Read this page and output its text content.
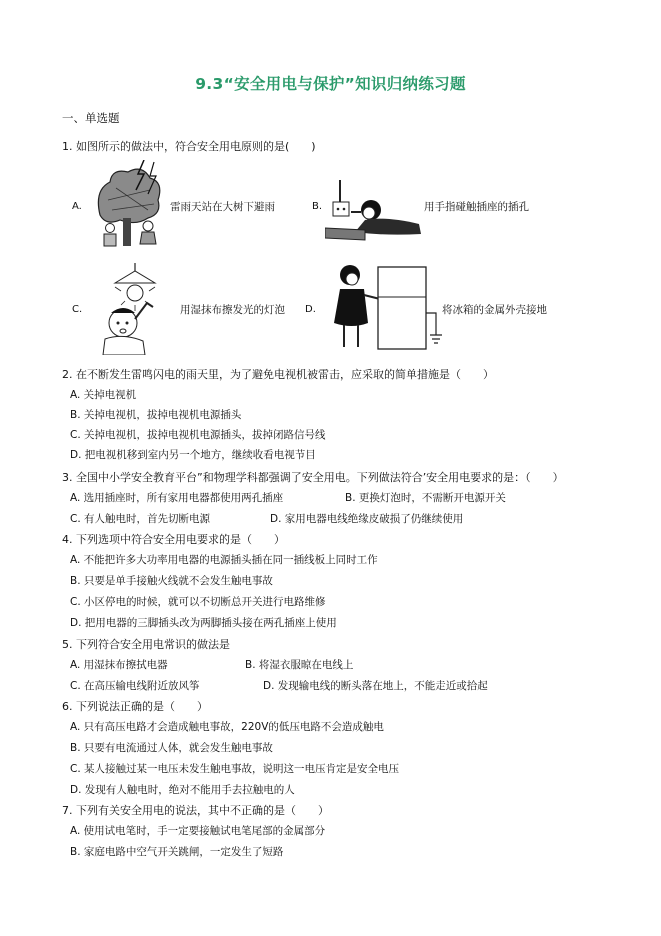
9.3“安全用电与保护”知识归纳练习题
一、单选题
1. 如图所示的做法中，符合安全用电原则的是(　　)
A.	雷雨天站在大树下避雨	B.	用手指碰触插座的插孔
C.	用湿抹布擦发光的灯泡 D.	将冰箱的金属外壳接地
2. 在不断发生雷鸣闪电的雨天里，为了避免电视机被雷击，应采取的简单措施是（　　）
A. 关掉电视机
B. 关掉电视机，拔掉电视机电源插头
C. 关掉电视机，拔掉电视机电源插头，拔掉闭路信号线
D. 把电视机移到室内另一个地方，继续收看电视节目
3. 全国中小学安全教育平台”和物理学科都强调了安全用电。下列做法符合’安全用电要求的是：（　　）
A. 选用插座时，所有家用电器都使用两孔插座	B. 更换灯泡时，不需断开电源开关
C. 有人触电时，首先切断电源	D. 家用电器电线绝缘皮破损了仍继续使用
4. 下列选项中符合安全用电要求的是（　　）
A. 不能把许多大功率用电器的电源插头插在同一插线板上同时工作
B. 只要是单手接触火线就不会发生触电事故
C. 小区停电的时候，就可以不切断总开关进行电路维修
D. 把用电器的三脚插头改为两脚插头接在两孔插座上使用
5. 下列符合安全用电常识的做法是
A. 用湿抹布擦拭电器	B. 将湿衣服晾在电线上
C. 在高压输电线附近放风筝	D. 发现输电线的断头落在地上，不能走近或拾起
6. 下列说法正确的是（　　）
A. 只有高压电路才会造成触电事故，220V的低压电路不会造成触电
B. 只要有电流通过人体，就会发生触电事故
C. 某人接触过某一电压未发生触电事故，说明这一电压肯定是安全电压
D. 发现有人触电时，绝对不能用手去拉触电的人
7. 下列有关安全用电的说法，其中不正确的是（　　）
A. 使用试电笔时，手一定要接触试电笔尾部的金属部分
B. 家庭电路中空气开关跳闸，一定发生了短路
